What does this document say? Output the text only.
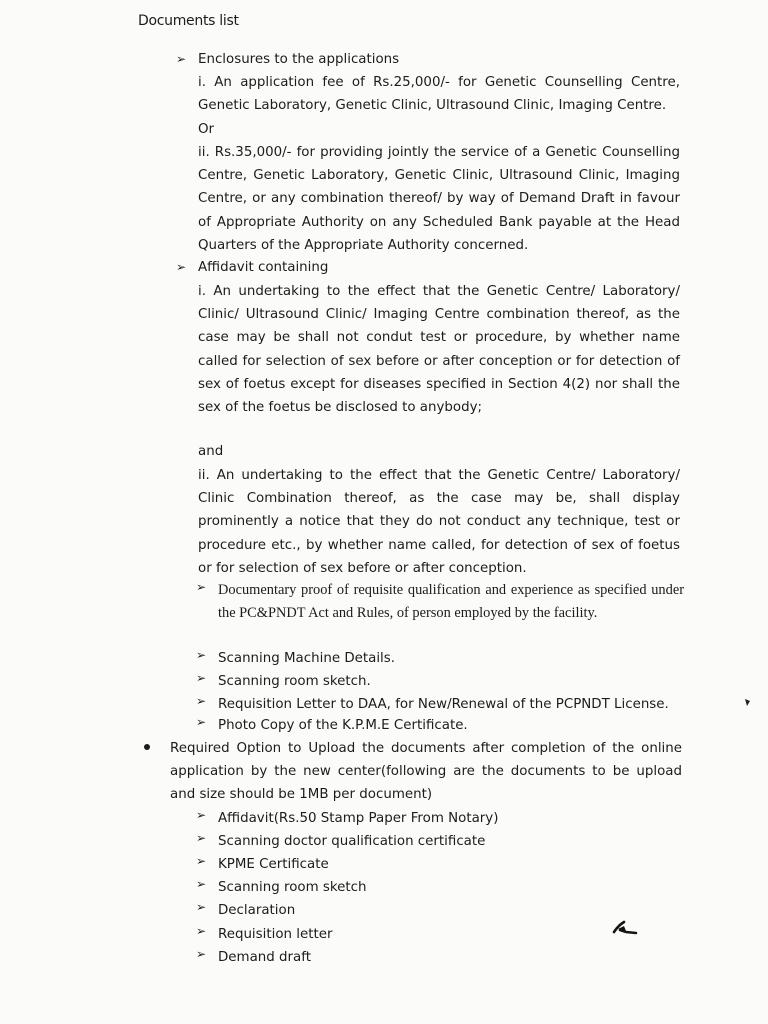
Documents list
➢ Enclosures to the applications
i. An application fee of Rs.25,000/- for Genetic Counselling Centre, Genetic Laboratory, Genetic Clinic, Ultrasound Clinic, Imaging Centre.
Or
ii. Rs.35,000/- for providing jointly the service of a Genetic Counselling Centre, Genetic Laboratory, Genetic Clinic, Ultrasound Clinic, Imaging Centre, or any combination thereof/ by way of Demand Draft in favour of Appropriate Authority on any Scheduled Bank payable at the Head Quarters of the Appropriate Authority concerned.
➢ Affidavit containing
i. An undertaking to the effect that the Genetic Centre/ Laboratory/ Clinic/ Ultrasound Clinic/ Imaging Centre combination thereof, as the case may be shall not condut test or procedure, by whether name called for selection of sex before or after conception or for detection of sex of foetus except for diseases specified in Section 4(2) nor shall the sex of the foetus be disclosed to anybody;
and
ii. An undertaking to the effect that the Genetic Centre/ Laboratory/ Clinic Combination thereof, as the case may be, shall display prominently a notice that they do not conduct any technique, test or procedure etc., by whether name called, for detection of sex of foetus or for selection of sex before or after conception.
➢ Documentary proof of requisite qualification and experience as specified under the PC&PNDT Act and Rules, of person employed by the facility.
➢ Scanning Machine Details.
➢ Scanning room sketch.
➢ Requisition Letter to DAA, for New/Renewal of the PCPNDT License.
➢ Photo Copy of the K.P.M.E Certificate.
Required Option to Upload the documents after completion of the online application by the new center(following are the documents to be upload and size should be 1MB per document)
➢ Affidavit(Rs.50 Stamp Paper From Notary)
➢ Scanning doctor qualification certificate
➢ KPME Certificate
➢ Scanning room sketch
➢ Declaration
➢ Requisition letter
➢ Demand draft
